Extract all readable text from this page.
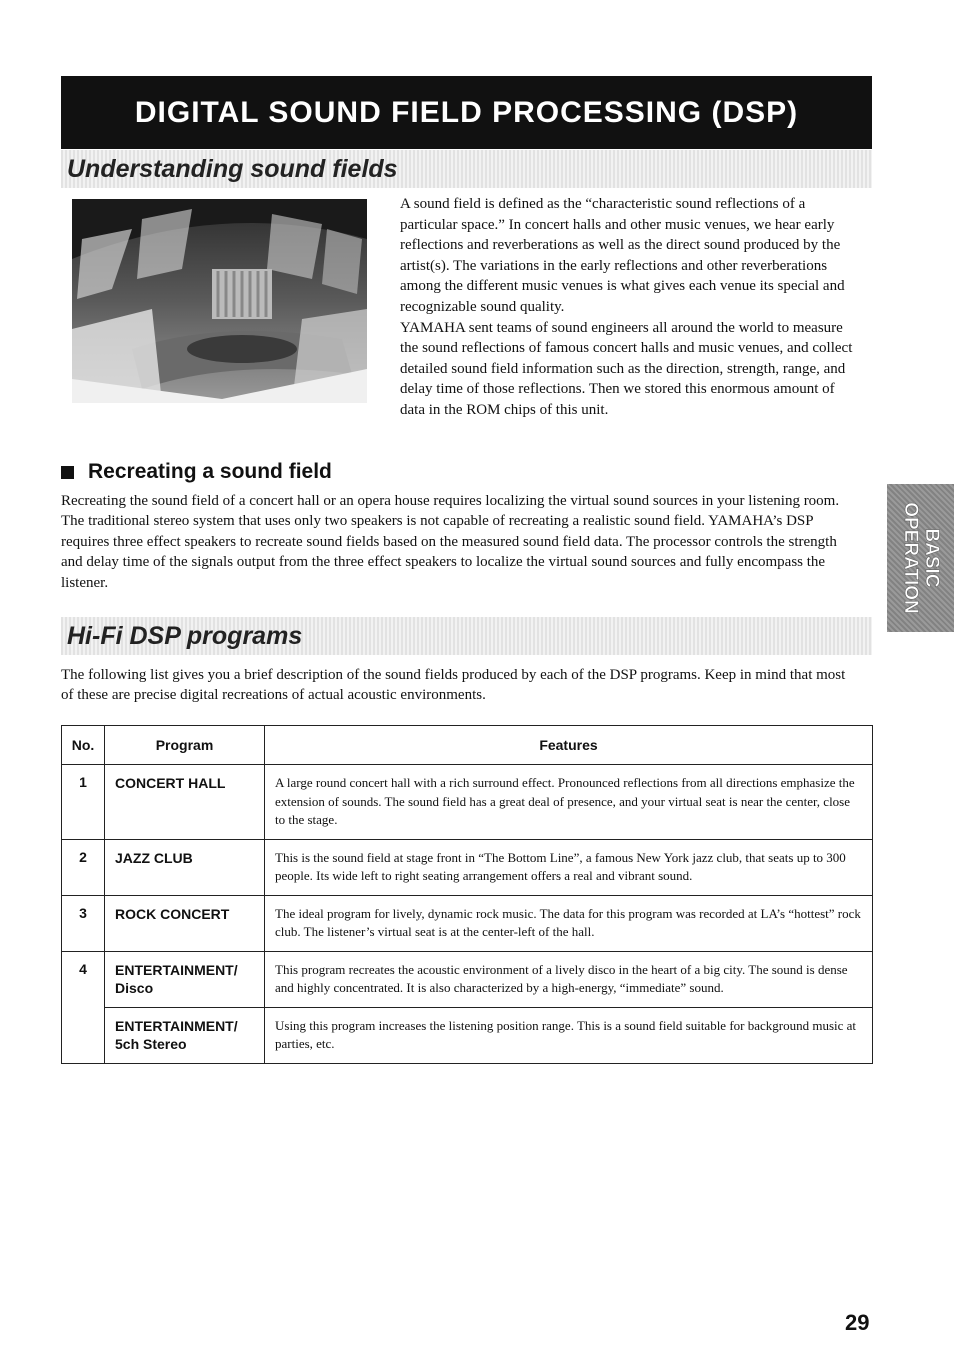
DIGITAL SOUND FIELD PROCESSING (DSP)
Understanding sound fields

A sound field is defined as the “characteristic sound reflections of a particular space.” In concert halls and other music venues, we hear early reflections and reverberations as well as the direct sound produced by the artist(s). The variations in the early reflections and other reverberations among the different music venues is what gives each venue its special and recognizable sound quality.

YAMAHA sent teams of sound engineers all around the world to measure the sound reflections of famous concert halls and music venues, and collect detailed sound field information such as the direction, strength, range, and delay time of those reflections. Then we stored this enormous amount of data in the ROM chips of this unit.

Recreating a sound field

Recreating the sound field of a concert hall or an opera house requires localizing the virtual sound sources in your listening room. The traditional stereo system that uses only two speakers is not capable of recreating a realistic sound field. YAMAHA’s DSP requires three effect speakers to recreate sound fields based on the measured sound field data. The processor controls the strength and delay time of the signals output from the three effect speakers to localize the virtual sound sources and fully encompass the listener.	BASIC
OPERATION
Hi-Fi DSP programs

The following list gives you a brief description of the sound fields produced by each of the DSP programs. Keep in mind that most of these are precise digital recreations of actual acoustic environments.

No.	Program	Features
1	CONCERT HALL	A large round concert hall with a rich surround effect. Pronounced reflections from all directions emphasize the extension of sounds. The sound field has a great deal of presence, and your virtual seat is near the center, close to the stage.
2	JAZZ CLUB	This is the sound field at stage front in “The Bottom Line”, a famous New York jazz club, that seats up to 300 people. Its wide left to right seating arrangement offers a real and vibrant sound.
3	ROCK CONCERT	The ideal program for lively, dynamic rock music. The data for this program was recorded at LA’s “hottest” rock club. The listener’s virtual seat is at the center-left of the hall.
4	ENTERTAINMENT/
Disco	This program recreates the acoustic environment of a lively disco in the heart of a big city. The sound is dense and highly concentrated. It is also characterized by a high-energy, “immediate” sound.

	ENTERTAINMENT/
5ch Stereo	Using this program increases the listening position range. This is a sound field suitable for background music at parties, etc.
29
